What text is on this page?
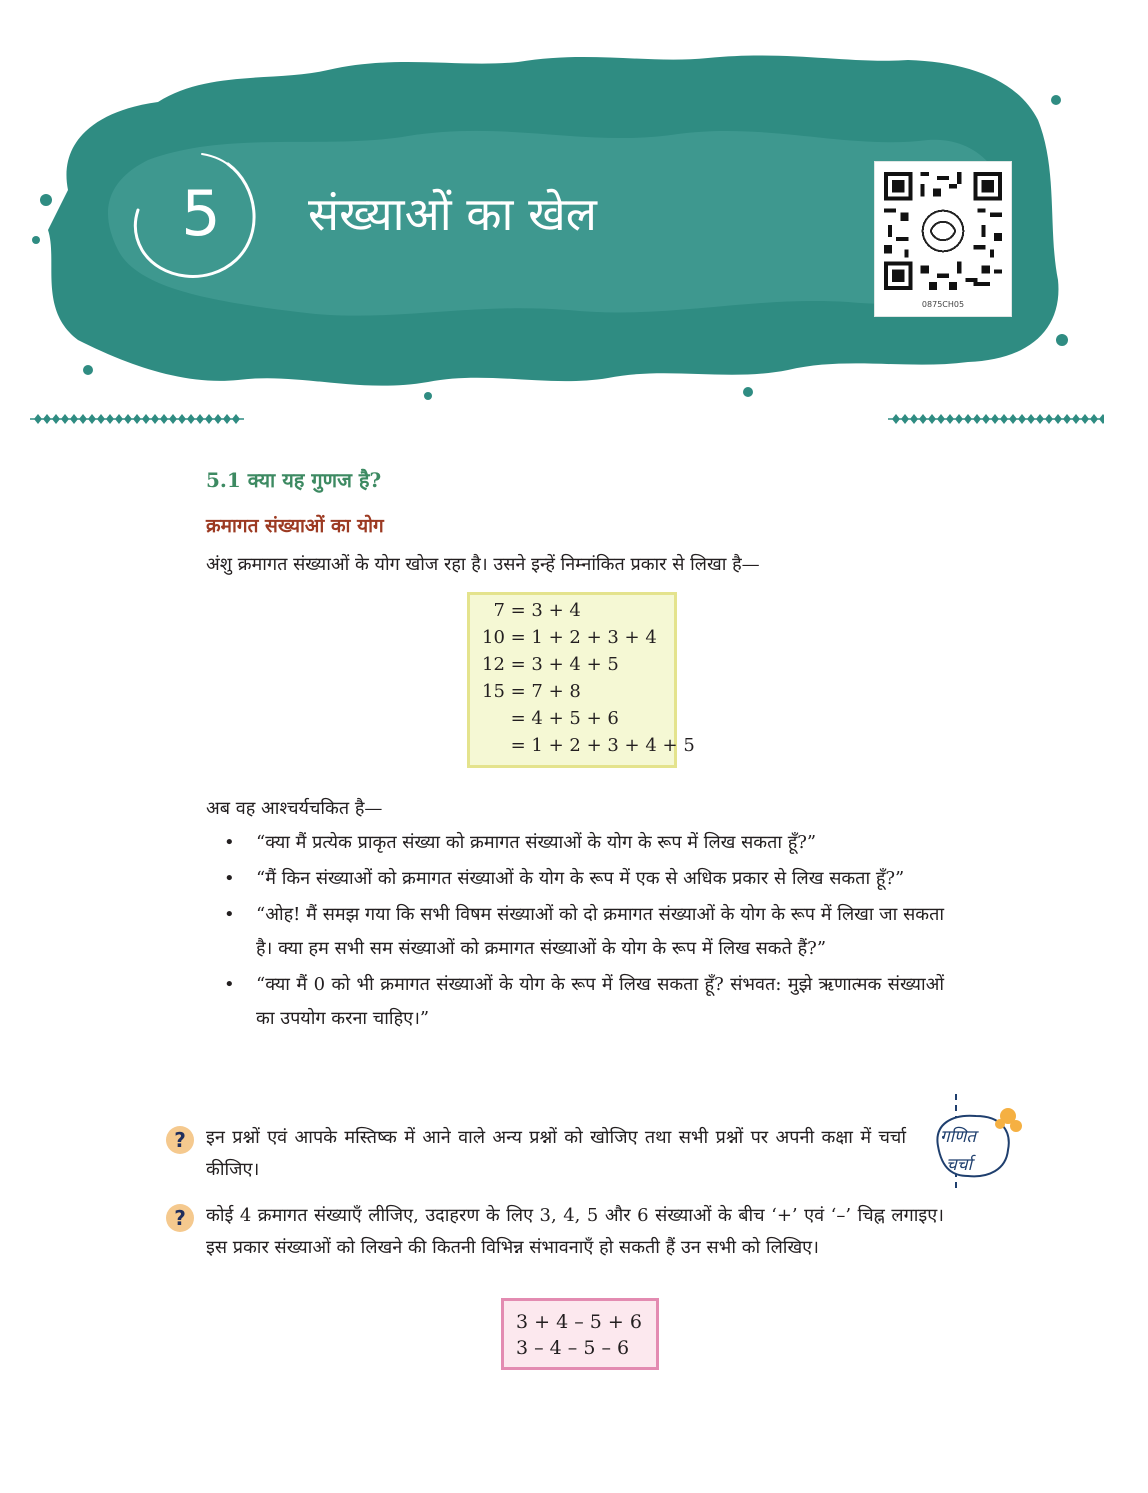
5 संख्याओं का खेल
0875CH05
5.1 क्या यह गुणज है?
क्रमागत संख्याओं का योग

अंशु क्रमागत संख्याओं के योग खोज रहा है। उसने इन्हें निम्नांकित प्रकार से लिखा है—

7 = 3 + 4
10 = 1 + 2 + 3 + 4
12 = 3 + 4 + 5
15 = 7 + 8
= 4 + 5 + 6
= 1 + 2 + 3 + 4 + 5

अब वह आश्चर्यचकित है—

• “क्या मैं प्रत्येक प्राकृत संख्या को क्रमागत संख्याओं के योग के रूप में लिख सकता हूँ?”
• “मैं किन संख्याओं को क्रमागत संख्याओं के योग के रूप में एक से अधिक प्रकार से लिख सकता हूँ?”
• “ओह! मैं समझ गया कि सभी विषम संख्याओं को दो क्रमागत संख्याओं के योग के रूप में लिखा जा सकता है। क्या हम सभी सम संख्याओं को क्रमागत संख्याओं के योग के रूप में लिख सकते हैं?”
• “क्या मैं 0 को भी क्रमागत संख्याओं के योग के रूप में लिख सकता हूँ? संभवत: मुझे ऋणात्मक संख्याओं का उपयोग करना चाहिए।”
?	इन प्रश्नों एवं आपके मस्तिष्क में आने वाले अन्य प्रश्नों को खोजिए तथा सभी प्रश्नों पर अपनी कक्षा में चर्चा कीजिए।
गणित
चर्चा
?	कोई 4 क्रमागत संख्याएँ लीजिए, उदाहरण के लिए 3, 4, 5 और 6 संख्याओं के बीच ‘+’ एवं ‘–’ चिह्न लगाइए। इस प्रकार संख्याओं को लिखने की कितनी विभिन्न संभावनाएँ हो सकती हैं उन सभी को लिखिए।
3 + 4 – 5 + 6
3 – 4 – 5 – 6
